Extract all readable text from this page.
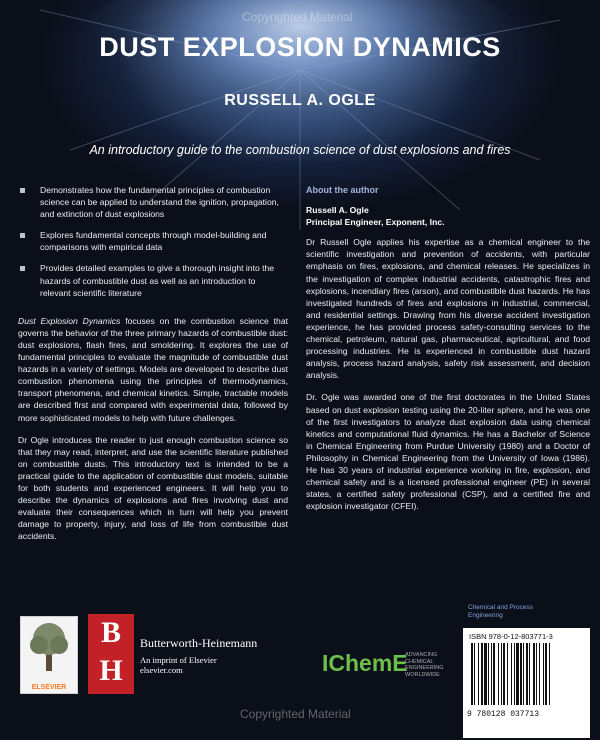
Copyrighted Material
DUST EXPLOSION DYNAMICS
RUSSELL A. OGLE
An introductory guide to the combustion science of dust explosions and fires
Demonstrates how the fundamental principles of combustion science can be applied to understand the ignition, propagation, and extinction of dust explosions
Explores fundamental concepts through model-building and comparisons with empirical data
Provides detailed examples to give a thorough insight into the hazards of combustible dust as well as an introduction to relevant scientific literature

Dust Explosion Dynamics focuses on the combustion science that governs the behavior of the three primary hazards of combustible dust: dust explosions, flash fires, and smoldering. It explores the use of fundamental principles to evaluate the magnitude of combustible dust hazards in a variety of settings. Models are developed to describe dust combustion phenomena using the principles of thermodynamics, transport phenomena, and chemical kinetics. Simple, tractable models are described first and compared with experimental data, followed by more sophisticated models to help with future challenges.

Dr Ogle introduces the reader to just enough combustion science so that they may read, interpret, and use the scientific literature published on combustible dusts. This introductory text is intended to be a practical guide to the application of combustible dust models, suitable for both students and experienced engineers. It will help you to describe the dynamics of explosions and fires involving dust and evaluate their consequences which in turn will help you prevent damage to property, injury, and loss of life from combustible dust accidents.

About the author
Russell A. Ogle
Principal Engineer, Exponent, Inc.

Dr Russell Ogle applies his expertise as a chemical engineer to the scientific investigation and prevention of accidents, with particular emphasis on fires, explosions, and chemical releases. He specializes in the investigation of complex industrial accidents, catastrophic fires and explosions, incendiary fires (arson), and combustible dust hazards. He has investigated hundreds of fires and explosions in industrial, commercial, and residential settings. Drawing from his diverse accident investigation experience, he has provided process safety-consulting services to the chemical, petroleum, natural gas, pharmaceutical, agricultural, and food processing industries. He is experienced in combustible dust hazard analysis, process hazard analysis, safety risk assessment, and decision analysis.

Dr. Ogle was awarded one of the first doctorates in the United States based on dust explosion testing using the 20-liter sphere, and he was one of the first investigators to analyze dust explosion data using chemical kinetics and computational fluid dynamics. He has a Bachelor of Science in Chemical Engineering from Purdue University (1980) and a Doctor of Philosophy in Chemical Engineering from the University of Iowa (1986). He has 30 years of industrial experience working in fire, explosion, and chemical safety and is a licensed professional engineer (PE) in several states, a certified safety professional (CSP), and a certified fire and explosion investigator (CFEI).

ELSEVIER
B
H
Butterworth-Heinemann
An imprint of Elsevier
elsevier.com	IChemE
ADVANCING CHEMICAL ENGINEERING WORLDWIDE
Chemical and Process Engineering
ISBN 978-0-12-803771-3
9 780128 037713
Copyrighted Material
